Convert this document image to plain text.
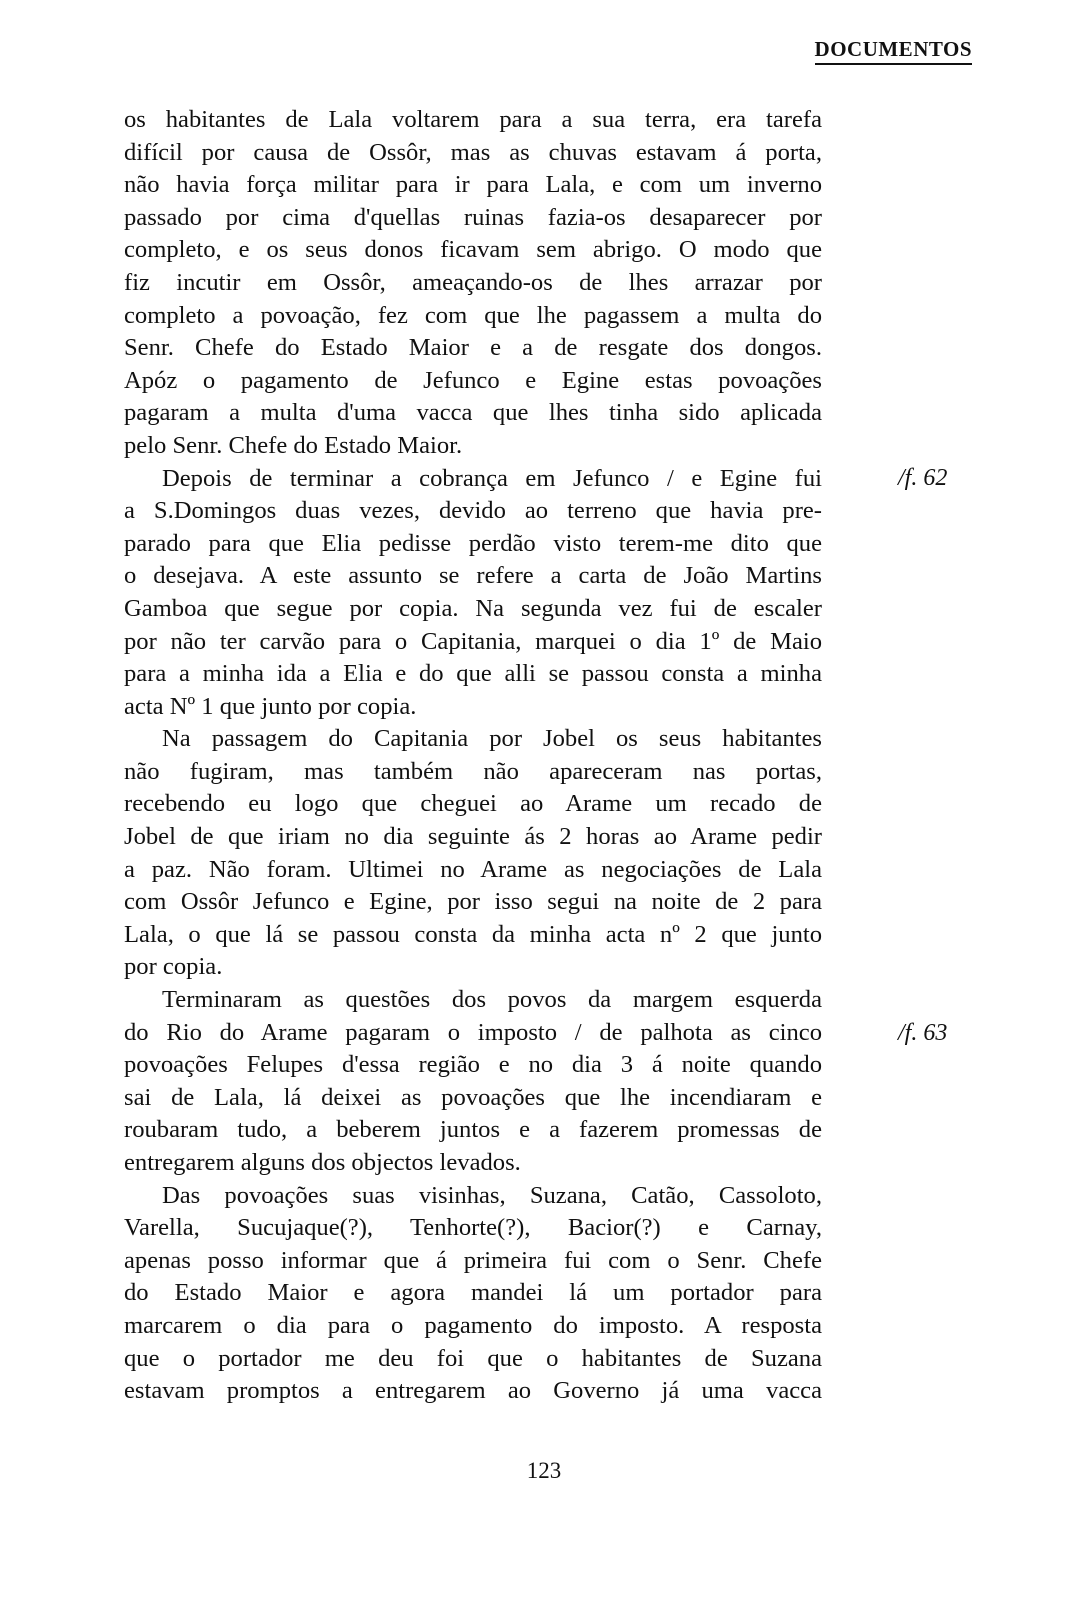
DOCUMENTOS
os habitantes de Lala voltarem para a sua terra, era tarefa
difícil por causa de Ossôr, mas as chuvas estavam á porta,
não havia força militar para ir para Lala, e com um inverno
passado por cima d'quellas ruinas fazia-os desaparecer por
completo, e os seus donos ficavam sem abrigo. O modo que
fiz incutir em Ossôr, ameaçando-os de lhes arrazar por
completo a povoação, fez com que lhe pagassem a multa do
Senr. Chefe do Estado Maior e a de resgate dos dongos.
Apóz o pagamento de Jefunco e Egine estas povoações
pagaram a multa d'uma vacca que lhes tinha sido aplicada
pelo Senr. Chefe do Estado Maior.
Depois de terminar a cobrança em Jefunco / e Egine fui
a S.Domingos duas vezes, devido ao terreno que havia pre-
parado para que Elia pedisse perdão visto terem-me dito que
o desejava. A este assunto se refere a carta de João Martins
Gamboa que segue por copia. Na segunda vez fui de escaler
por não ter carvão para o Capitania, marquei o dia 1º de Maio
para a minha ida a Elia e do que alli se passou consta a minha
acta Nº 1 que junto por copia.
Na passagem do Capitania por Jobel os seus habitantes
não fugiram, mas também não apareceram nas portas,
recebendo eu logo que cheguei ao Arame um recado de
Jobel de que iriam no dia seguinte ás 2 horas ao Arame pedir
a paz. Não foram. Ultimei no Arame as negociações de Lala
com Ossôr Jefunco e Egine, por isso segui na noite de 2 para
Lala, o que lá se passou consta da minha acta nº 2 que junto
por copia.
Terminaram as questões dos povos da margem esquerda
do Rio do Arame pagaram o imposto / de palhota as cinco
povoações Felupes d'essa região e no dia 3 á noite quando
sai de Lala, lá deixei as povoações que lhe incendiaram e
roubaram tudo, a beberem juntos e a fazerem promessas de
entregarem alguns dos objectos levados.
Das povoações suas visinhas, Suzana, Catão, Cassoloto,
Varella, Sucujaque(?), Tenhorte(?), Bacior(?) e Carnay,
apenas posso informar que á primeira fui com o Senr. Chefe
do Estado Maior e agora mandei lá um portador para
marcarem o dia para o pagamento do imposto. A resposta
que o portador me deu foi que o habitantes de Suzana
estavam promptos a entregarem ao Governo já uma vacca
/f. 62
/f. 63
123
